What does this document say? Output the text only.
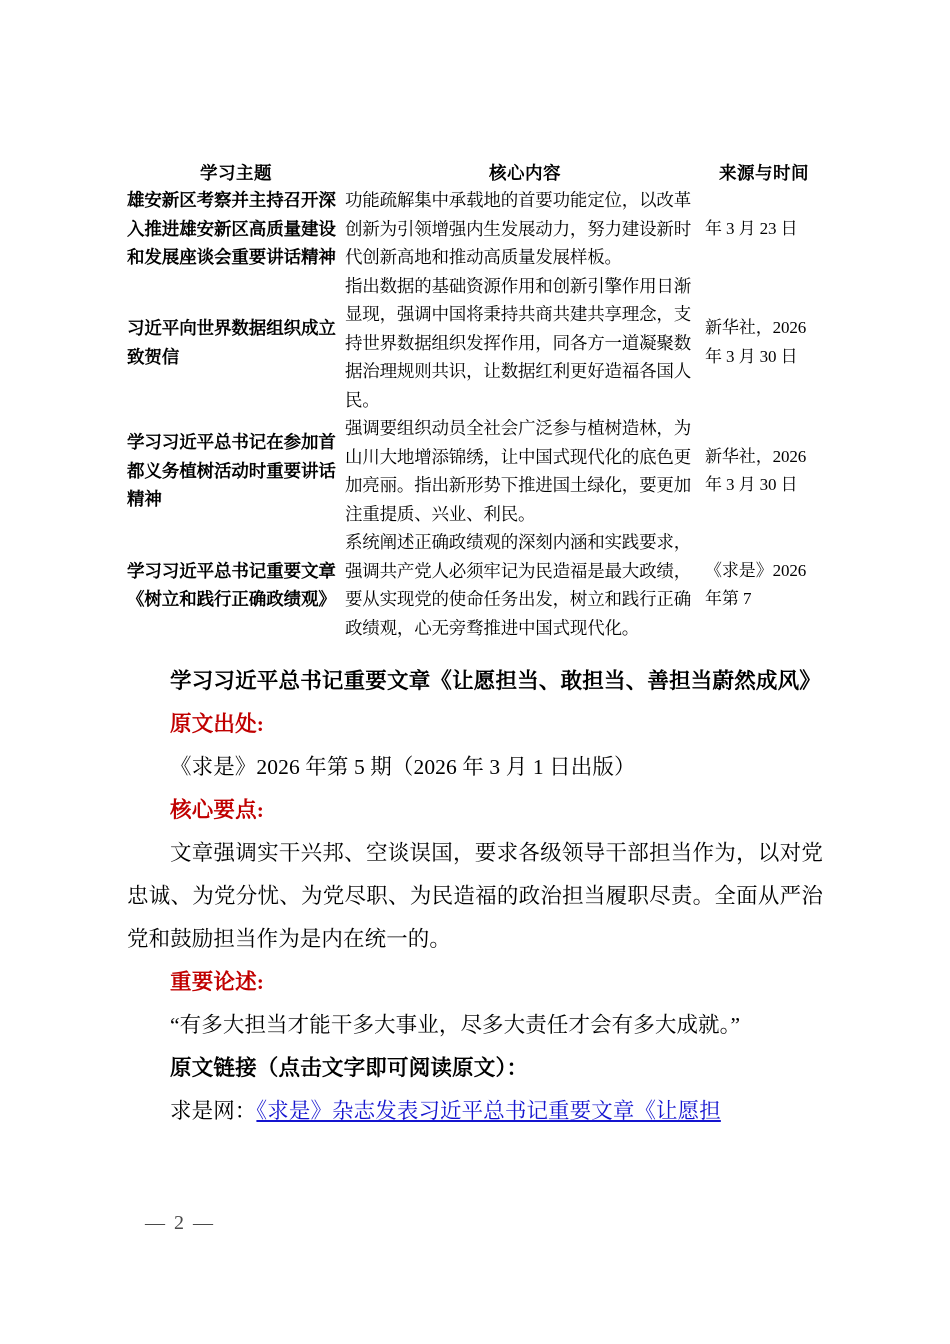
学习主题	核心内容	来源与时间
雄安新区考察并主持召开深入推进雄安新区高质量建设和发展座谈会重要讲话精神	功能疏解集中承载地的首要功能定位，以改革创新为引领增强内生发展动力，努力建设新时代创新高地和推动高质量发展样板。	年 3 月 23 日
习近平向世界数据组织成立致贺信	指出数据的基础资源作用和创新引擎作用日渐显现，强调中国将秉持共商共建共享理念，支持世界数据组织发挥作用，同各方一道凝聚数据治理规则共识，让数据红利更好造福各国人民。	新华社，2026 年 3 月 30 日
学习习近平总书记在参加首都义务植树活动时重要讲话精神	强调要组织动员全社会广泛参与植树造林，为山川大地增添锦绣，让中国式现代化的底色更加亮丽。指出新形势下推进国土绿化，要更加注重提质、兴业、利民。	新华社，2026 年 3 月 30 日
学习习近平总书记重要文章《树立和践行正确政绩观》	系统阐述正确政绩观的深刻内涵和实践要求，强调共产党人必须牢记为民造福是最大政绩，要从实现党的使命任务出发，树立和践行正确政绩观，心无旁骛推进中国式现代化。	《求是》2026 年第 7
学习习近平总书记重要文章《让愿担当、敢担当、善担当蔚然成风》
原文出处:
《求是》2026 年第 5 期（2026 年 3 月 1 日出版）
核心要点:
文章强调实干兴邦、空谈误国，要求各级领导干部担当作为，以对党忠诚、为党分忧、为党尽职、为民造福的政治担当履职尽责。全面从严治党和鼓励担当作为是内在统一的。
重要论述:
“有多大担当才能干多大事业，尽多大责任才会有多大成就。”
原文链接（点击文字即可阅读原文）：
求是网：《求是》杂志发表习近平总书记重要文章《让愿担
— 2 —
